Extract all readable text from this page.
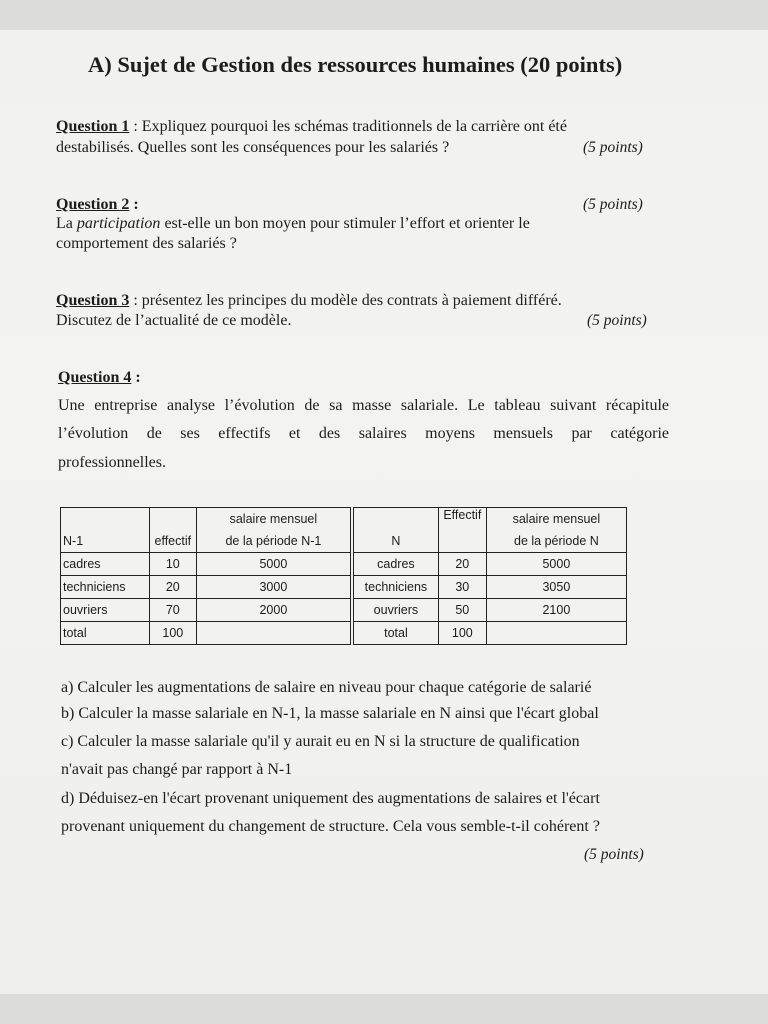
A) Sujet de Gestion des ressources humaines (20 points)
Question 1 : Expliquez pourquoi les schémas traditionnels de la carrière ont été
destabilisés. Quelles sont les conséquences pour les salariés ?	(5 points)
Question 2 :	(5 points)
La participation est-elle un bon moyen pour stimuler l’effort et orienter le
comportement des salariés ?
Question 3 : présentez les principes du modèle des contrats à paiement différé.
Discutez de l’actualité de ce modèle.	(5 points)
Question 4 :
Une entreprise analyse l’évolution de sa masse salariale. Le tableau suivant récapitule
l’évolution de ses effectifs et des salaires moyens mensuels par catégorie
professionnelles.
N-1	effectif	salaire mensuel
		de la période N-1
cadres	10	5000
techniciens	20	3000
ouvriers	70	2000
total	100	
N	Effectif	salaire mensuel
		de la période N
cadres	20	5000
techniciens	30	3050
ouvriers	50	2100
total	100	
a) Calculer les augmentations de salaire en niveau pour chaque catégorie de salarié
b) Calculer la masse salariale en N-1, la masse salariale en N ainsi que l'écart global
c) Calculer la masse salariale qu'il y aurait eu en N si la structure de qualification
n'avait pas changé par rapport à N-1
d) Déduisez-en l'écart provenant uniquement des augmentations de salaires et l'écart
provenant uniquement du changement de structure. Cela vous semble-t-il cohérent ?
(5 points)
